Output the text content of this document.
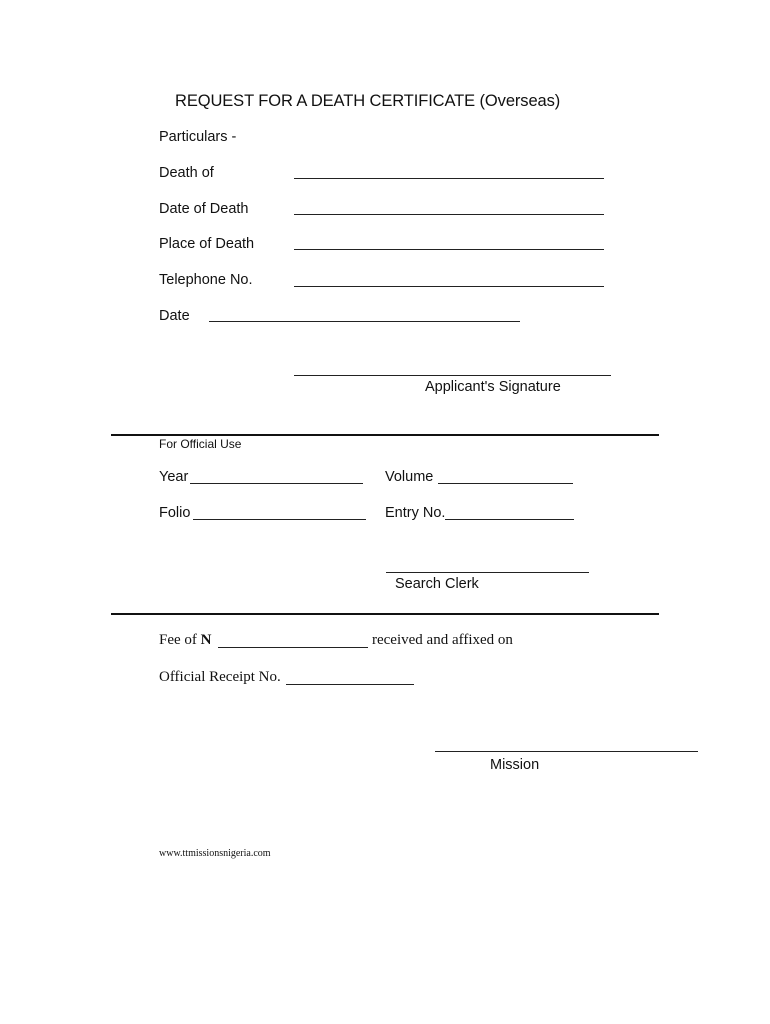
REQUEST FOR A DEATH CERTIFICATE (Overseas)
Particulars -
Death of
Date of Death
Place of Death
Telephone No.
Date
Applicant's Signature
For Official Use
Year	Volume
Folio	Entry No.
Search Clerk
Fee of N	received and affixed on
Official Receipt No.
Mission
www.ttmissionsnigeria.com
